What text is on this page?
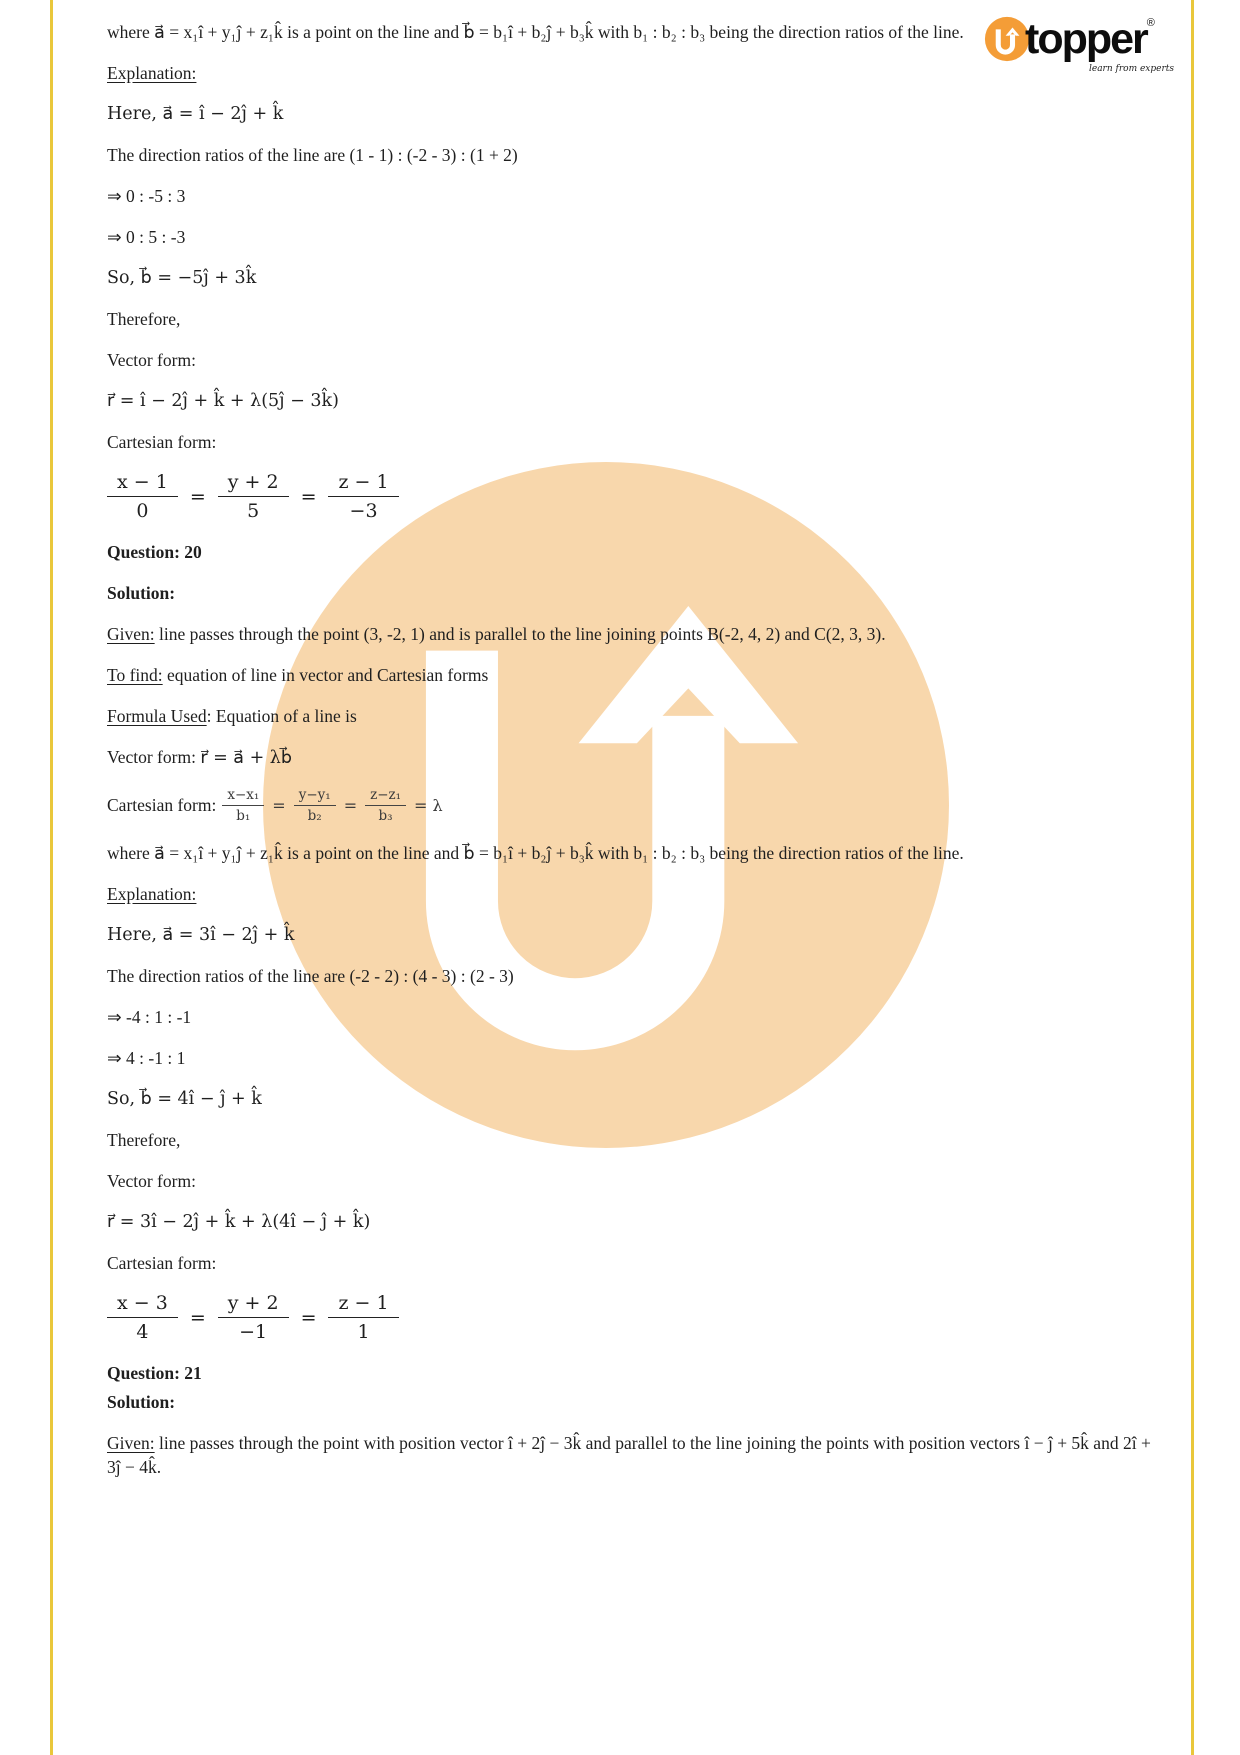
topper ®
learn from experts

where a⃗ = x₁î + y₁ĵ + z₁k̂ is a point on the line and b⃗ = b₁î + b₂ĵ + b₃k̂ with b₁ : b₂ : b₃ being the direction ratios of the line.

Explanation:

Here, a⃗ = î − 2ĵ + k̂

The direction ratios of the line are (1 - 1) : (-2 - 3) : (1 + 2)

⇒ 0 : -5 : 3

⇒ 0 : 5 : -3

So, b⃗ = −5ĵ + 3k̂

Therefore,

Vector form:

r⃗ = î − 2ĵ + k̂ + λ(5ĵ − 3k̂)

Cartesian form:

$\frac{x - 1}{0} = \frac{y + 2}{5} = \frac{z - 1}{-3}$

Question: 20

Solution:

Given: line passes through the point (3, -2, 1) and is parallel to the line joining points B(-2, 4, 2) and C(2, 3, 3).

To find: equation of line in vector and Cartesian forms

Formula Used: Equation of a line is

Vector form: r⃗ = a⃗ + λb⃗

Cartesian form: $\frac{\text{x−x₁}}{\text{b₁}} = \frac{\text{y−y₁}}{\text{b₂}} = \frac{\text{z−z₁}}{\text{b₃}} = \lambda$

where a⃗ = x₁î + y₁ĵ + z₁k̂ is a point on the line and b⃗ = b₁î + b₂ĵ + b₃k̂ with b₁ : b₂ : b₃ being the direction ratios of the line.

Explanation:

Here, a⃗ = 3î − 2ĵ + k̂

The direction ratios of the line are (-2 - 2) : (4 - 3) : (2 - 3)

⇒ -4 : 1 : -1

⇒ 4 : -1 : 1

So, b⃗ = 4î − ĵ + k̂

Therefore,

Vector form:

r⃗ = 3î − 2ĵ + k̂ + λ(4î − ĵ + k̂)

Cartesian form:

$\frac{x - 3}{4} = \frac{y + 2}{-1} = \frac{z - 1}{1}$

Question: 21

Solution:

Given: line passes through the point with position vector î + 2ĵ − 3k̂ and parallel to the line joining the points with position vectors î − ĵ + 5k̂ and 2î + 3ĵ − 4k̂.
